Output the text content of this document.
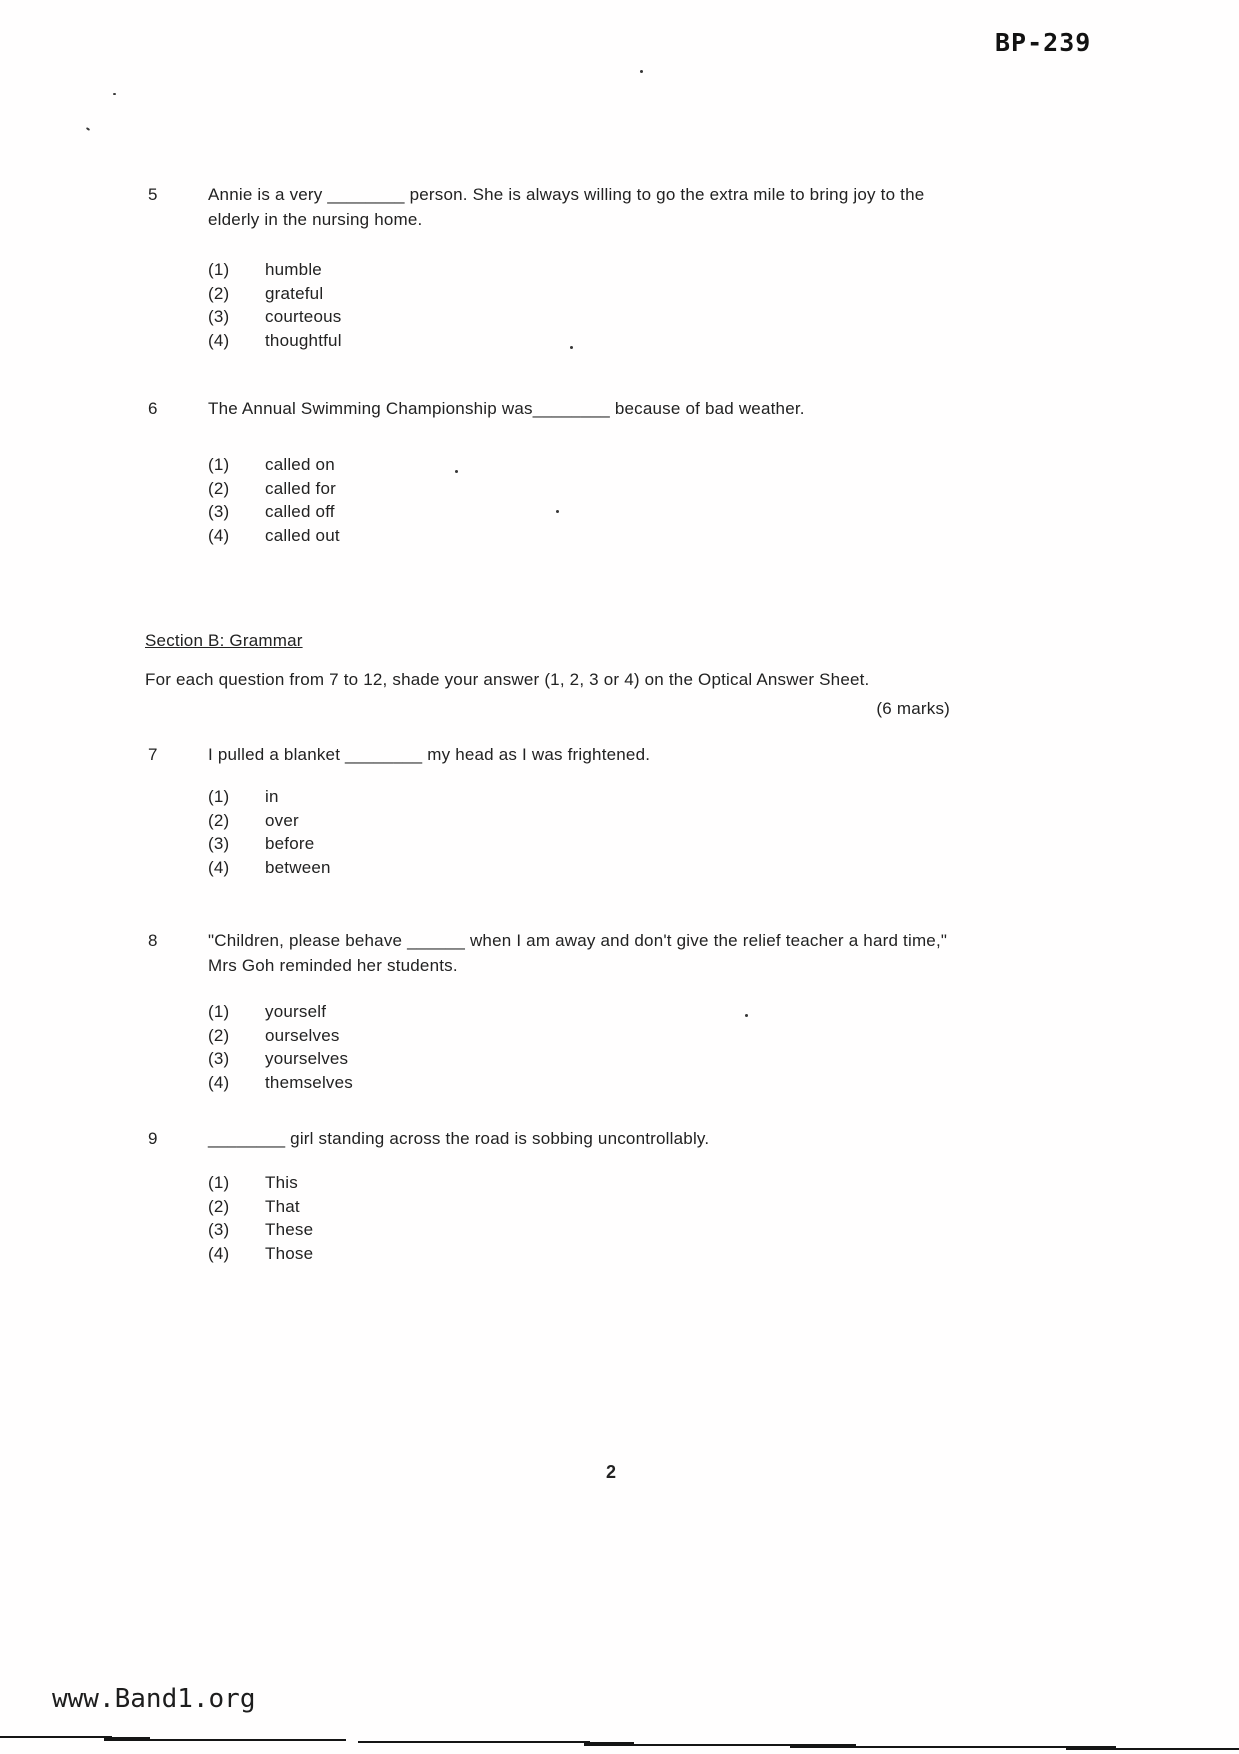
BP-239
5	Annie is a very ________ person. She is always willing to go the extra mile to bring joy to the elderly in the nursing home.
(1)	humble
(2)	grateful
(3)	courteous
(4)	thoughtful
6	The Annual Swimming Championship was________ because of bad weather.
(1)	called on
(2)	called for
(3)	called off
(4)	called out
Section B: Grammar
For each question from 7 to 12, shade your answer (1, 2, 3 or 4) on the Optical Answer Sheet.
(6 marks)
7	I pulled a blanket ________ my head as I was frightened.
(1)	in
(2)	over
(3)	before
(4)	between
8	"Children, please behave ______ when I am away and don't give the relief teacher a hard time," Mrs Goh reminded her students.
(1)	yourself
(2)	ourselves
(3)	yourselves
(4)	themselves
9	________ girl standing across the road is sobbing uncontrollably.
(1)	This
(2)	That
(3)	These
(4)	Those
2
www.Band1.org
